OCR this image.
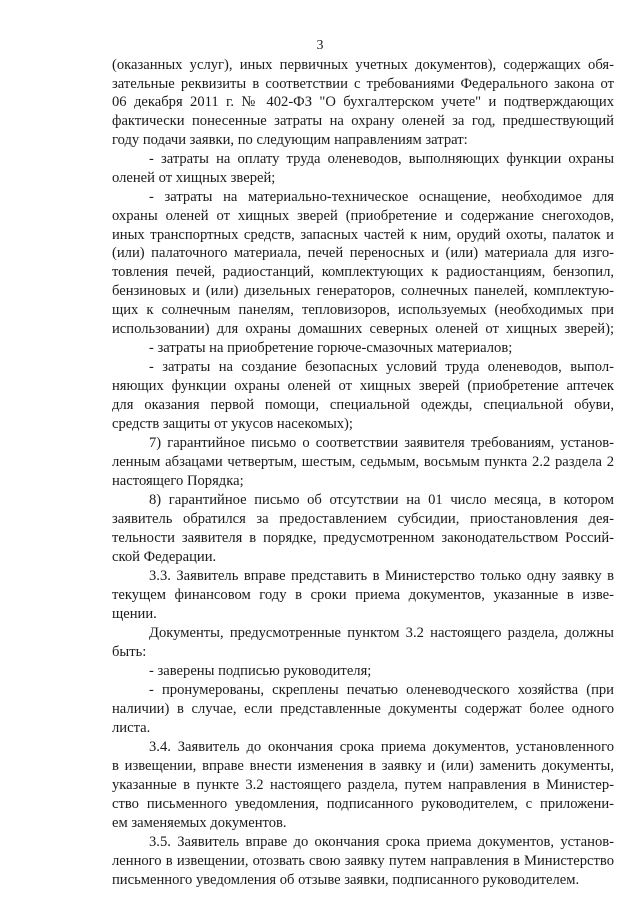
3
(оказанных услуг), иных первичных учетных документов), содержащих обя-
зательные реквизиты в соответствии с требованиями Федерального закона от
06 декабря 2011 г. № 402-ФЗ "О бухгалтерском учете" и подтверждающих
фактически понесенные затраты на охрану оленей за год, предшествующий
году подачи заявки, по следующим направлениям затрат:
- затраты на оплату труда оленеводов, выполняющих функции охраны
оленей от хищных зверей;
- затраты на материально-техническое оснащение, необходимое для
охраны оленей от хищных зверей (приобретение и содержание снегоходов,
иных транспортных средств, запасных частей к ним, орудий охоты, палаток и
(или) палаточного материала, печей переносных и (или) материала для изго-
товления печей, радиостанций, комплектующих к радиостанциям, бензопил,
бензиновых и (или) дизельных генераторов, солнечных панелей, комплектую-
щих к солнечным панелям, тепловизоров, используемых (необходимых при
использовании) для охраны домашних северных оленей от хищных зверей);
- затраты на приобретение горюче-смазочных материалов;
- затраты на создание безопасных условий труда оленеводов, выпол-
няющих функции охраны оленей от хищных зверей (приобретение аптечек
для оказания первой помощи, специальной одежды, специальной обуви,
средств защиты от укусов насекомых);
7) гарантийное письмо о соответствии заявителя требованиям, установ-
ленным абзацами четвертым, шестым, седьмым, восьмым пункта 2.2 раздела 2
настоящего Порядка;
8) гарантийное письмо об отсутствии на 01 число месяца, в котором
заявитель обратился за предоставлением субсидии, приостановления дея-
тельности заявителя в порядке, предусмотренном законодательством Россий-
ской Федерации.
3.3. Заявитель вправе представить в Министерство только одну заявку в
текущем финансовом году в сроки приема документов, указанные в изве-
щении.
Документы, предусмотренные пунктом 3.2 настоящего раздела, должны
быть:
- заверены подписью руководителя;
- пронумерованы, скреплены печатью оленеводческого хозяйства (при
наличии) в случае, если представленные документы содержат более одного
листа.
3.4. Заявитель до окончания срока приема документов, установленного
в извещении, вправе внести изменения в заявку и (или) заменить документы,
указанные в пункте 3.2 настоящего раздела, путем направления в Министер-
ство письменного уведомления, подписанного руководителем, с приложени-
ем заменяемых документов.
3.5. Заявитель вправе до окончания срока приема документов, установ-
ленного в извещении, отозвать свою заявку путем направления в Министерство
письменного уведомления об отзыве заявки, подписанного руководителем.
